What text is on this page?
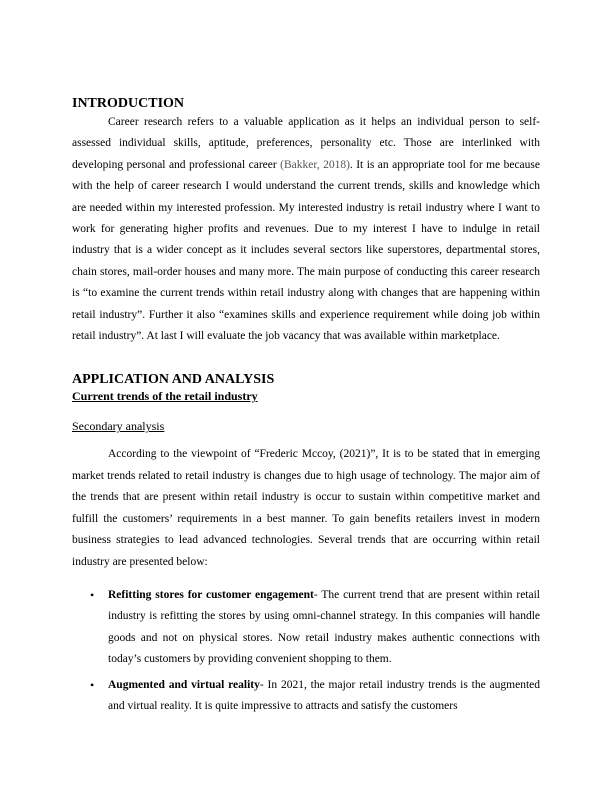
INTRODUCTION

Career research refers to a valuable application as it helps an individual person to self-assessed individual skills, aptitude, preferences, personality etc. Those are interlinked with developing personal and professional career (Bakker, 2018). It is an appropriate tool for me because with the help of career research I would understand the current trends, skills and knowledge which are needed within my interested profession. My interested industry is retail industry where I want to work for generating higher profits and revenues. Due to my interest I have to indulge in retail industry that is a wider concept as it includes several sectors like superstores, departmental stores, chain stores, mail-order houses and many more. The main purpose of conducting this career research is “to examine the current trends within retail industry along with changes that are happening within retail industry”. Further it also “examines skills and experience requirement while doing job within retail industry”. At last I will evaluate the job vacancy that was available within marketplace.

APPLICATION AND ANALYSIS

Current trends of the retail industry

Secondary analysis

According to the viewpoint of “Frederic Mccoy, (2021)”, It is to be stated that in emerging market trends related to retail industry is changes due to high usage of technology. The major aim of the trends that are present within retail industry is occur to sustain within competitive market and fulfill the customers’ requirements in a best manner. To gain benefits retailers invest in modern business strategies to lead advanced technologies. Several trends that are occurring within retail industry are presented below:

• Refitting stores for customer engagement- The current trend that are present within retail industry is refitting the stores by using omni-channel strategy. In this companies will handle goods and not on physical stores. Now retail industry makes authentic connections with today’s customers by providing convenient shopping to them.

• Augmented and virtual reality- In 2021, the major retail industry trends is the augmented and virtual reality. It is quite impressive to attracts and satisfy the customers
